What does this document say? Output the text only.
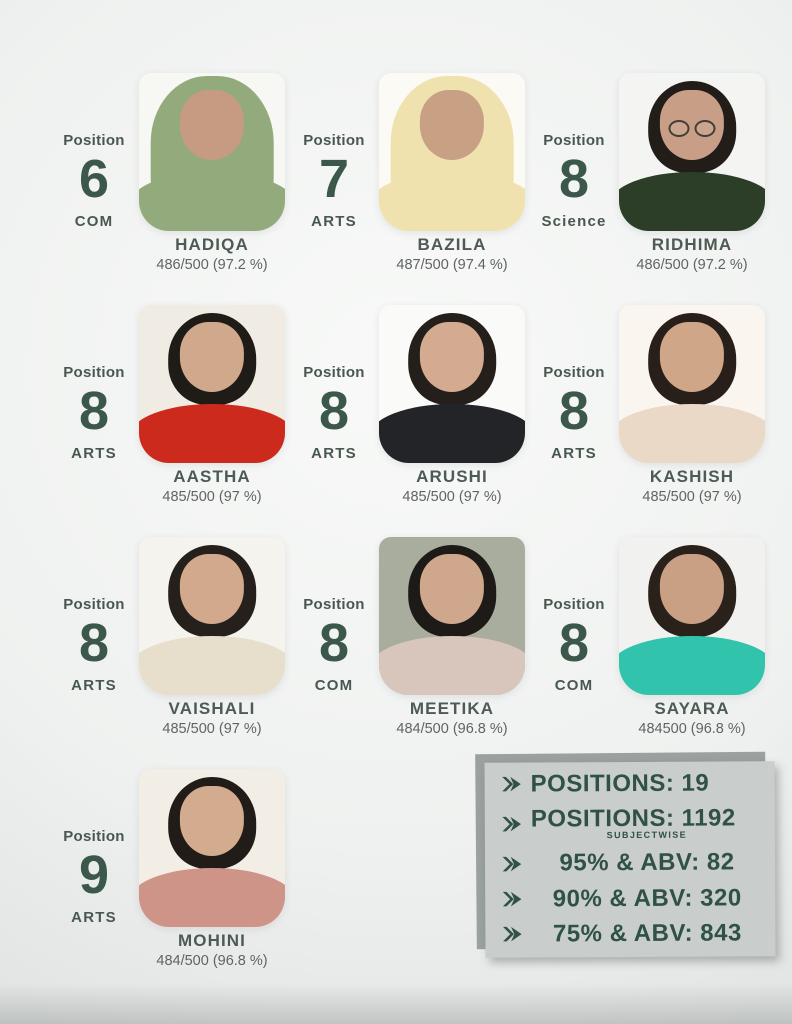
Position
6
COM
HADIQA
486/500 (97.2 %)
Position
7
ARTS
BAZILA
487/500 (97.4 %)
Position
8
Science
RIDHIMA
486/500 (97.2 %)
Position
8
ARTS
AASTHA
485/500 (97 %)
Position
8
ARTS
ARUSHI
485/500 (97 %)
Position
8
ARTS
KASHISH
485/500 (97 %)
Position
8
ARTS
VAISHALI
485/500 (97 %)
Position
8
COM
MEETIKA
484/500 (96.8 %)
Position
8
COM
SAYARA
484500 (96.8 %)
Position
9
ARTS
MOHINI
484/500 (96.8 %)
POSITIONS: 19
POSITIONS: 1192
SUBJECTWISE
95% & ABV: 82
90% & ABV: 320
75% & ABV: 843
